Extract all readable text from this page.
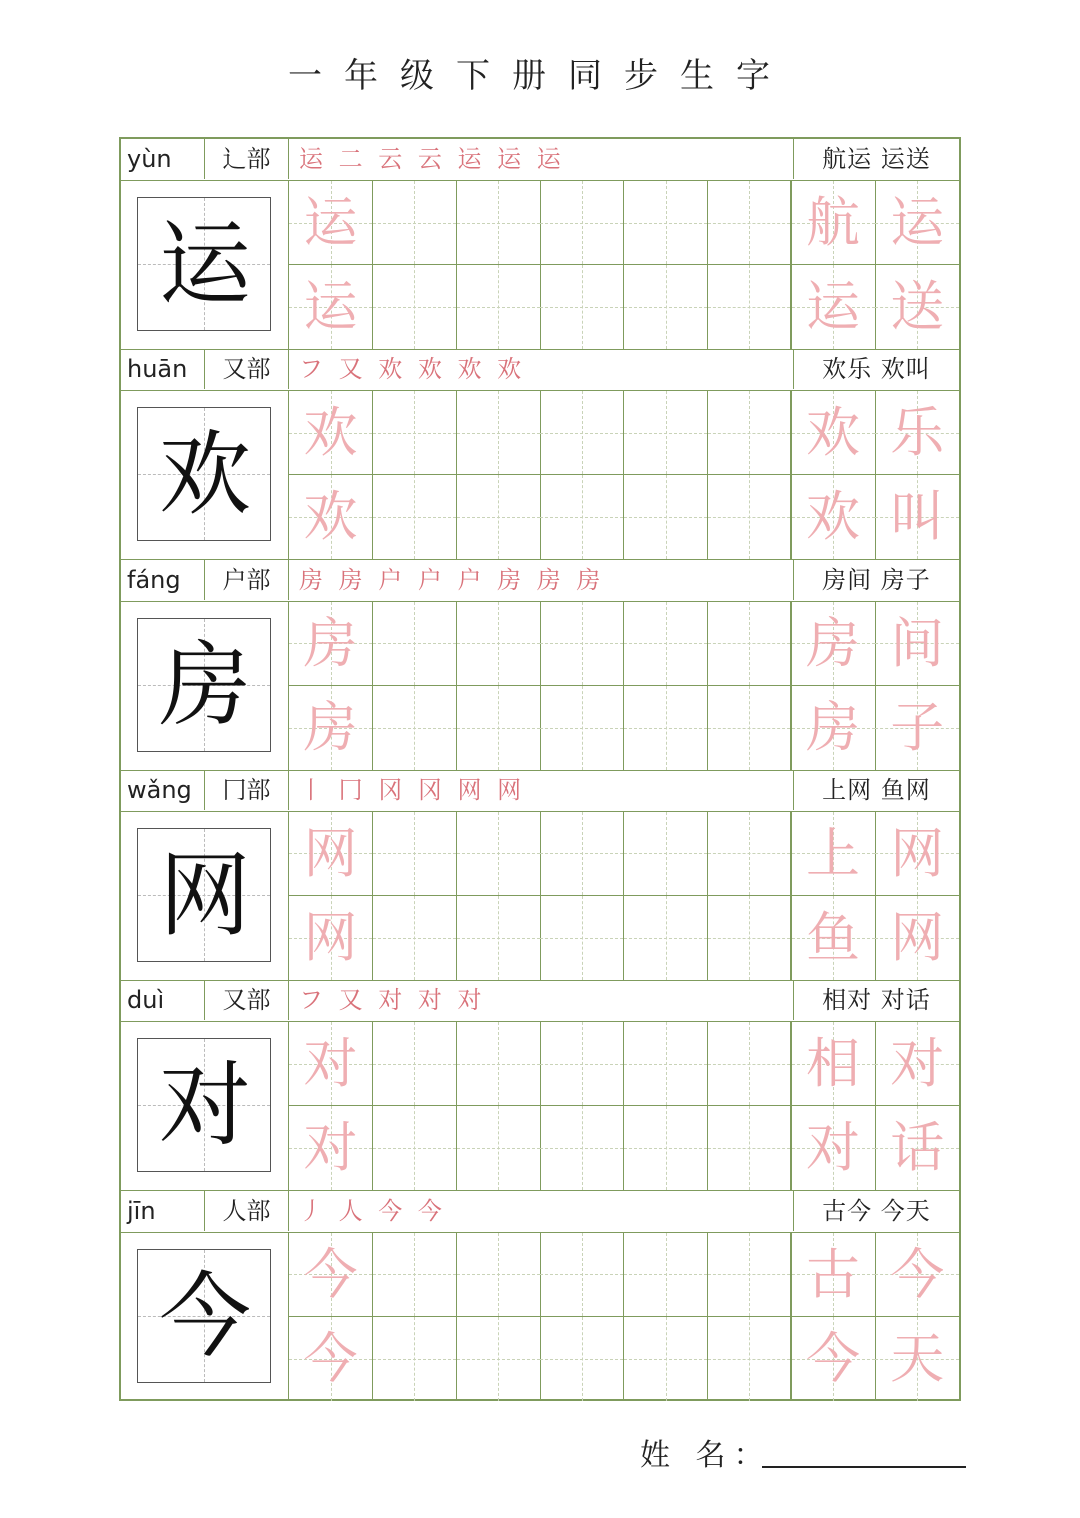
一年级下册同步生字
yùn	辶部	运 二 云 云 运 运 运	航运 运送
运 运	航 运
运	运 送
huān	又部	フ 又 欢 欢 欢 欢	欢乐 欢叫
欢 欢	欢 乐
欢	欢 叫
fáng	户部	房 房 户 户 户 房 房 房	房间 房子
房 房	房 间
房	房 子
wǎng	冂部	丨 冂 冈 冈 网 网	上网 鱼网
网 网	上 网
网	鱼 网
duì	又部	フ 又 对 对 对	相对 对话
对 对	相 对
对	对 话
jīn	人部	丿 人 今 今	古今 今天
今 今	古 今
今	今 天
姓 名：
